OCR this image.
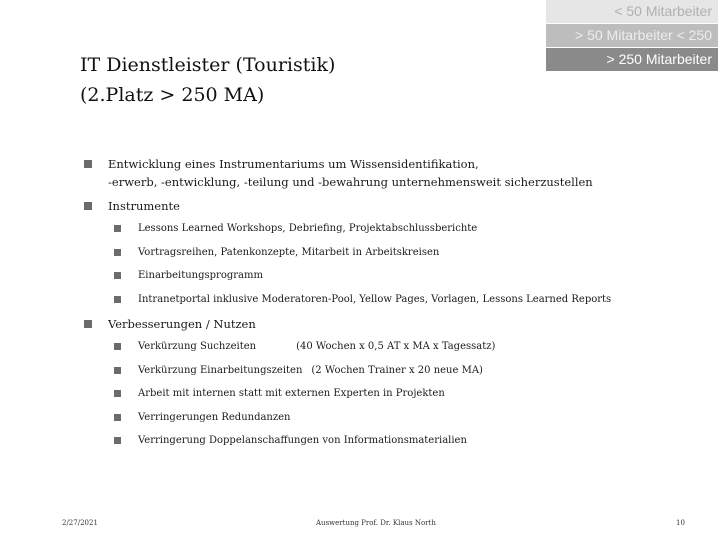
< 50 Mitarbeiter
> 50 Mitarbeiter < 250
> 250 Mitarbeiter
IT Dienstleister (Touristik)
(2.Platz > 250 MA)
Entwicklung eines Instrumentariums um Wissensidentifikation,
-erwerb, -entwicklung, -teilung und -bewahrung unternehmensweit sicherzustellen
Instrumente
Lessons Learned Workshops, Debriefing, Projektabschlussberichte
Vortragsreihen, Patenkonzepte, Mitarbeit in Arbeitskreisen
Einarbeitungsprogramm
Intranetportal inklusive Moderatoren-Pool, Yellow Pages, Vorlagen, Lessons Learned Reports
Verbesserungen / Nutzen
Verkürzung Suchzeiten	(40 Wochen x 0,5 AT x MA x Tagessatz)
Verkürzung Einarbeitungszeiten (2 Wochen Trainer x 20 neue MA)
Arbeit mit internen statt mit externen Experten in Projekten
Verringerungen Redundanzen
Verringerung Doppelanschaffungen von Informationsmaterialien
2/27/2021	Auswertung Prof. Dr. Klaus North	10
